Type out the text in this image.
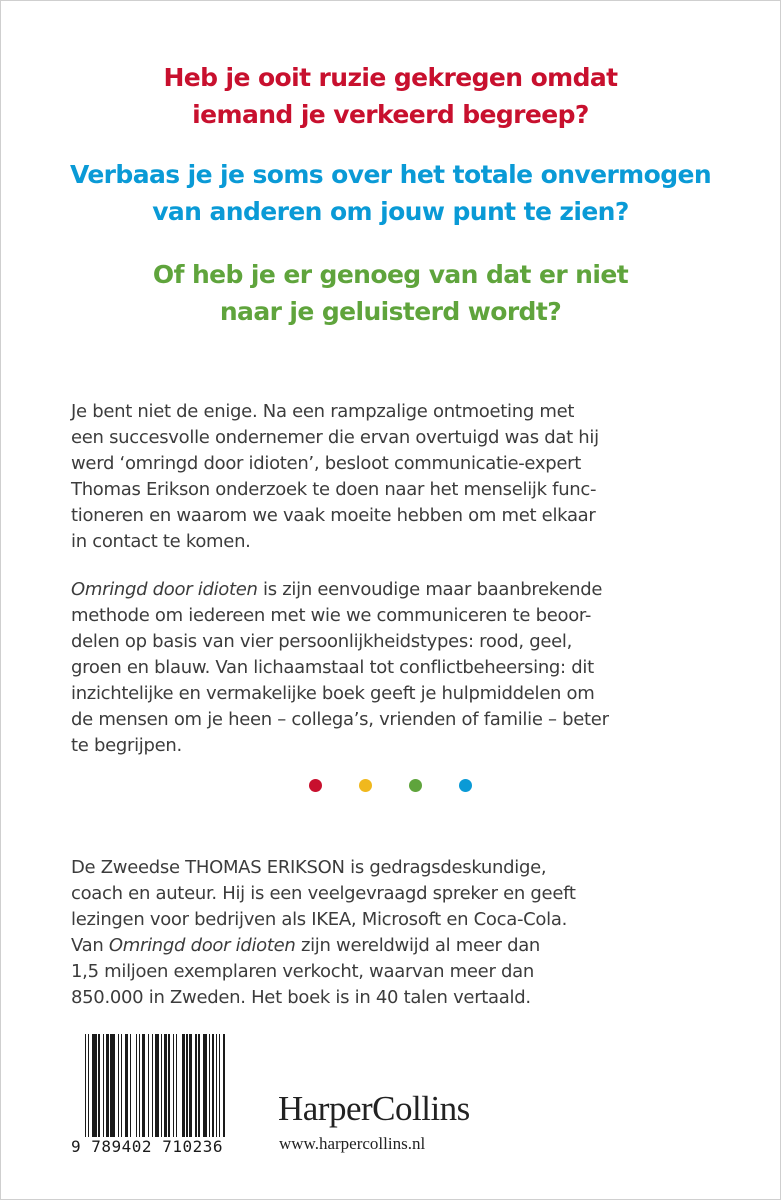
Heb je ooit ruzie gekregen omdat
iemand je verkeerd begreep?
Verbaas je je soms over het totale onvermogen
van anderen om jouw punt te zien?
Of heb je er genoeg van dat er niet
naar je geluisterd wordt?
Je bent niet de enige. Na een rampzalige ontmoeting met
een succesvolle ondernemer die ervan overtuigd was dat hij
werd ‘omringd door idioten’, besloot communicatie-expert
Thomas Erikson onderzoek te doen naar het menselijk func-
tioneren en waarom we vaak moeite hebben om met elkaar
in contact te komen.
Omringd door idioten is zijn eenvoudige maar baanbrekende
methode om iedereen met wie we communiceren te beoor-
delen op basis van vier persoonlijkheidstypes: rood, geel,
groen en blauw. Van lichaamstaal tot conflictbeheersing: dit
inzichtelijke en vermakelijke boek geeft je hulpmiddelen om
de mensen om je heen – collega’s, vrienden of familie – beter
te begrijpen.
De Zweedse THOMAS ERIKSON is gedragsdeskundige,
coach en auteur. Hij is een veelgevraagd spreker en geeft
lezingen voor bedrijven als IKEA, Microsoft en Coca-Cola.
Van Omringd door idioten zijn wereldwijd al meer dan
1,5 miljoen exemplaren verkocht, waarvan meer dan
850.000 in Zweden. Het boek is in 40 talen vertaald.
9 789402 710236
HarperCollins
www.harpercollins.nl
